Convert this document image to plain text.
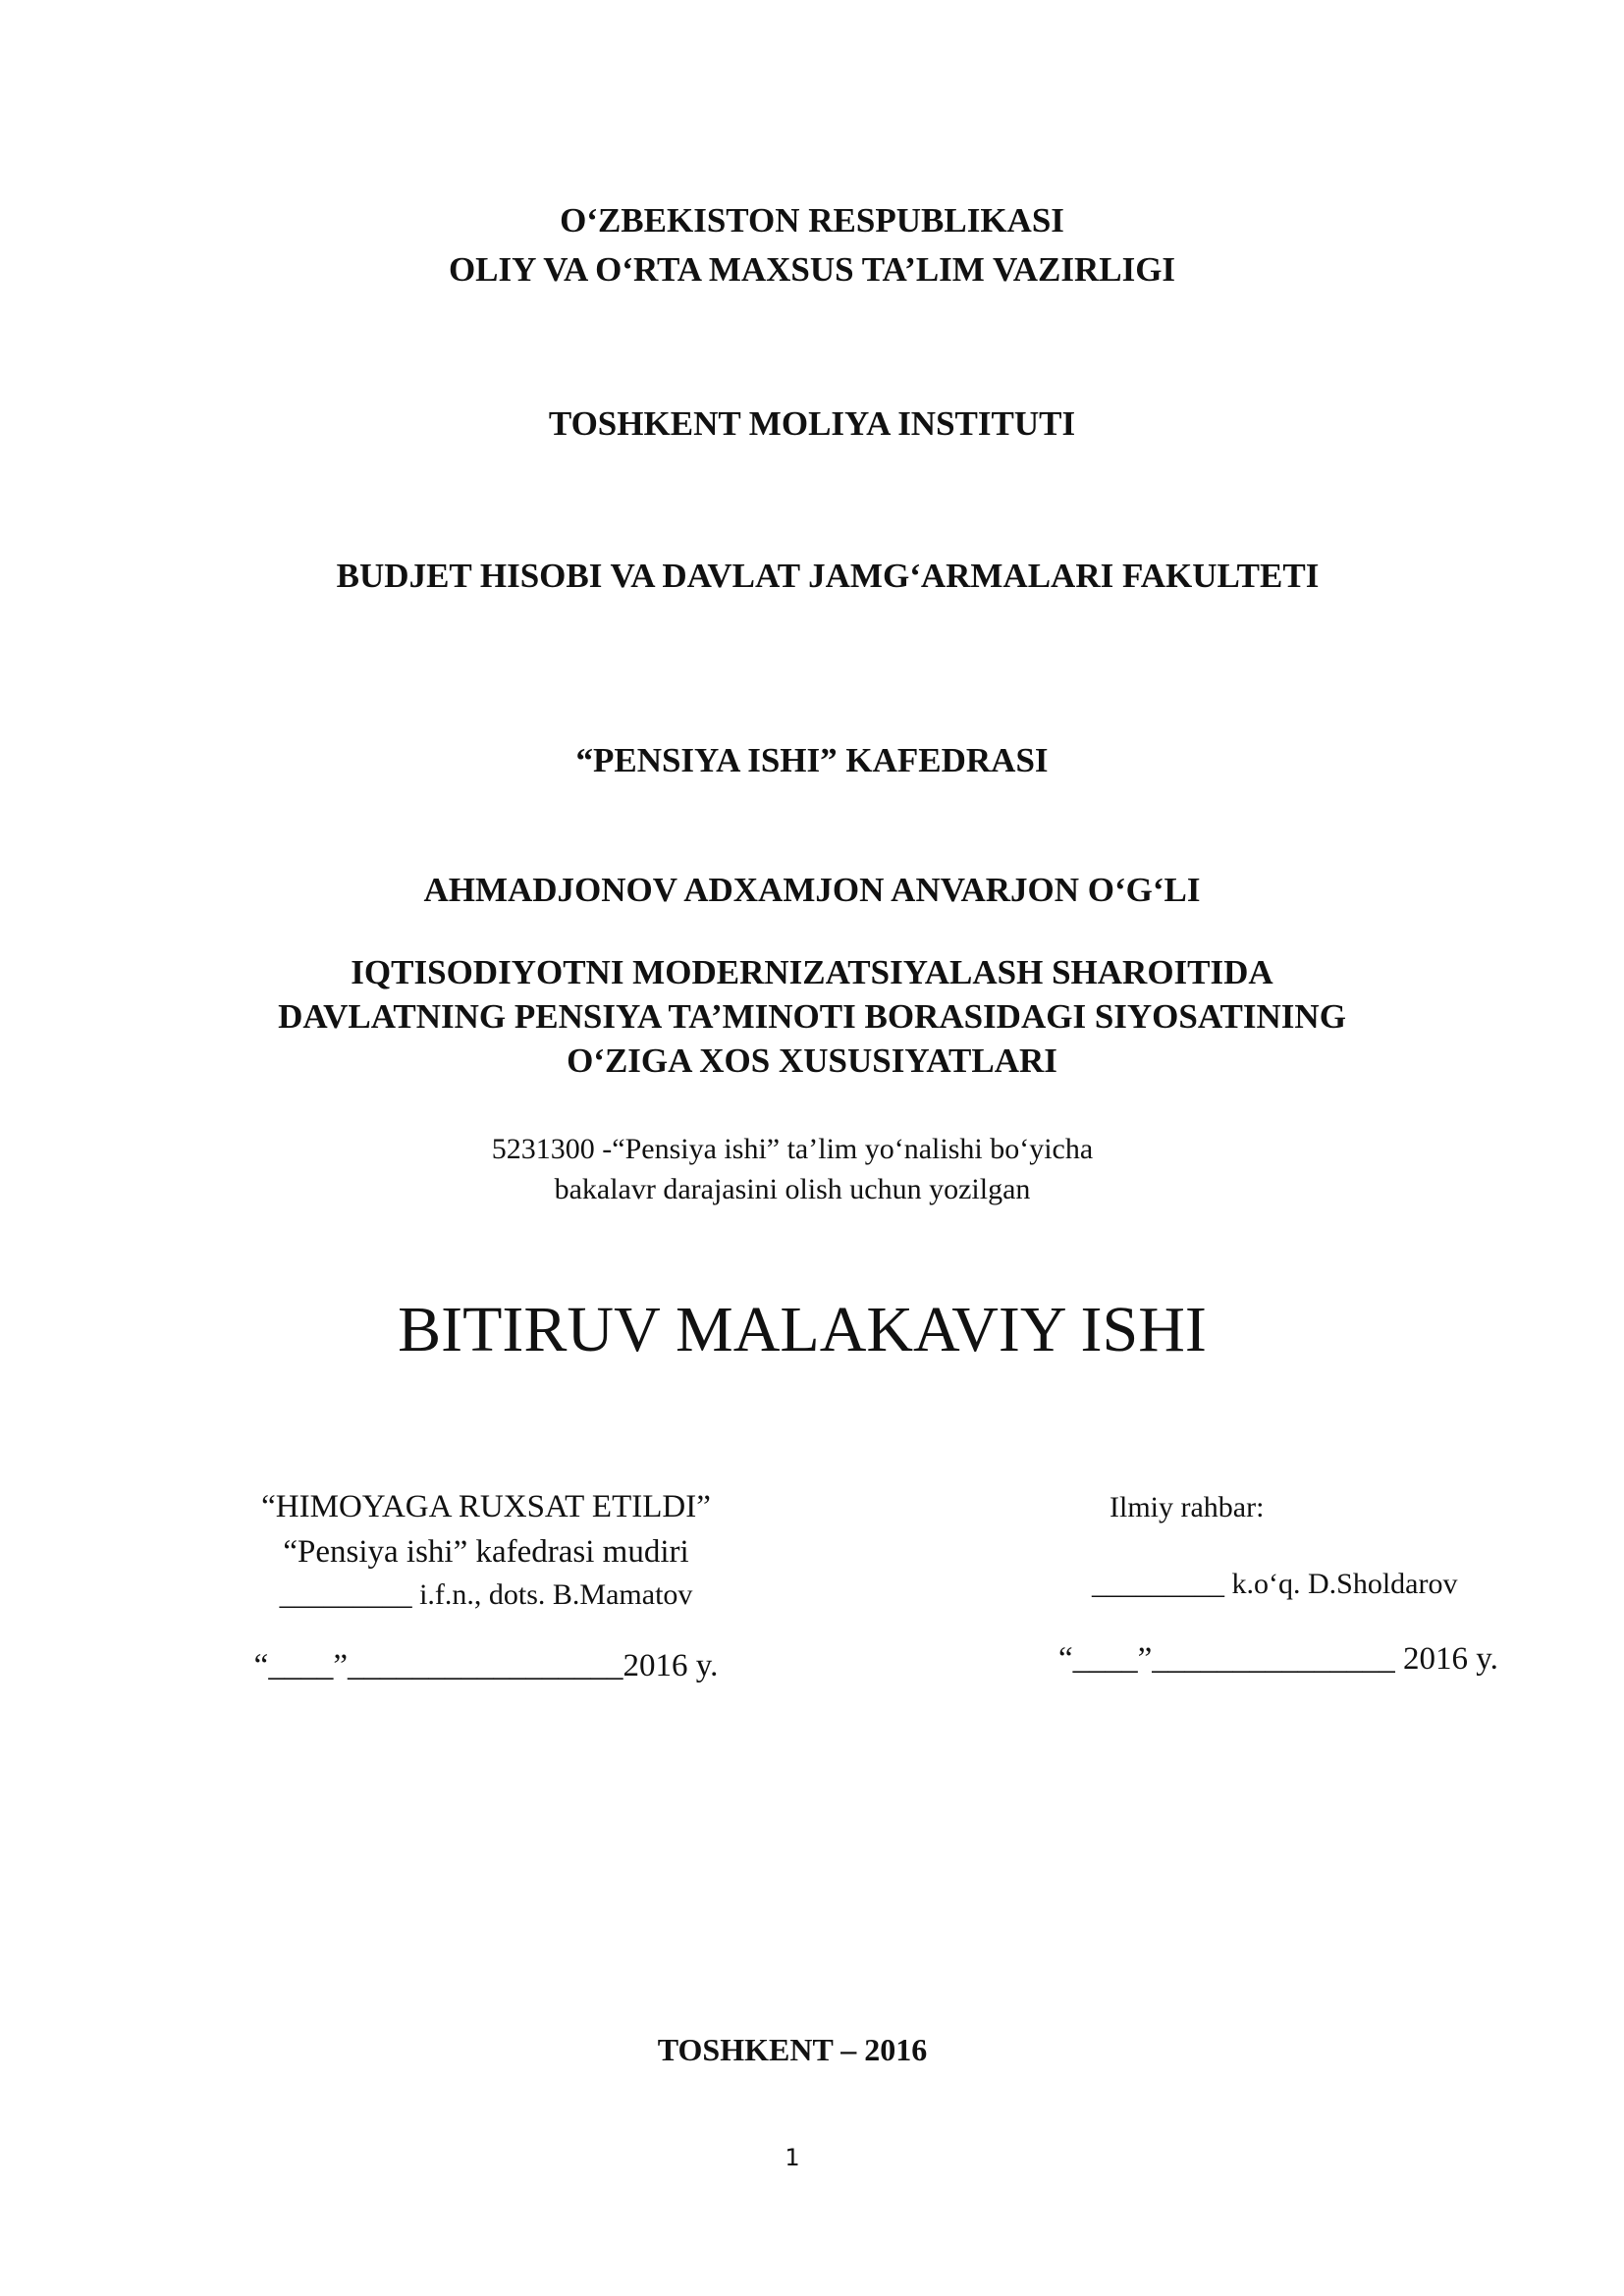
O‘ZBEKISTON RESPUBLIKASI
OLIY VA O‘RTA MAXSUS TA’LIM VAZIRLIGI
TOSHKENT MOLIYA INSTITUTI
BUDJET HISOBI VA DAVLAT JAMG‘ARMALARI FAKULTETI
“PENSIYA ISHI” KAFEDRASI
AHMADJONOV ADXAMJON ANVARJON O‘G‘LI
IQTISODIYOTNI MODERNIZATSIYALASH SHAROITIDA
DAVLATNING PENSIYA TA’MINOTI BORASIDAGI SIYOSATINING
O‘ZIGA XOS XUSUSIYATLARI
5231300 -“Pensiya ishi” ta’lim yo‘nalishi bo‘yicha
bakalavr darajasini olish uchun yozilgan
BITIRUV MALAKAVIY ISHI
“HIMOYAGA RUXSAT ETILDI”
“Pensiya ishi” kafedrasi mudiri
_________ i.f.n., dots. B.Mamatov
“____”_________________2016 y.
Ilmiy rahbar:
_________ k.o‘q. D.Sholdarov
“____”_______________ 2016 y.
TOSHKENT – 2016
1
